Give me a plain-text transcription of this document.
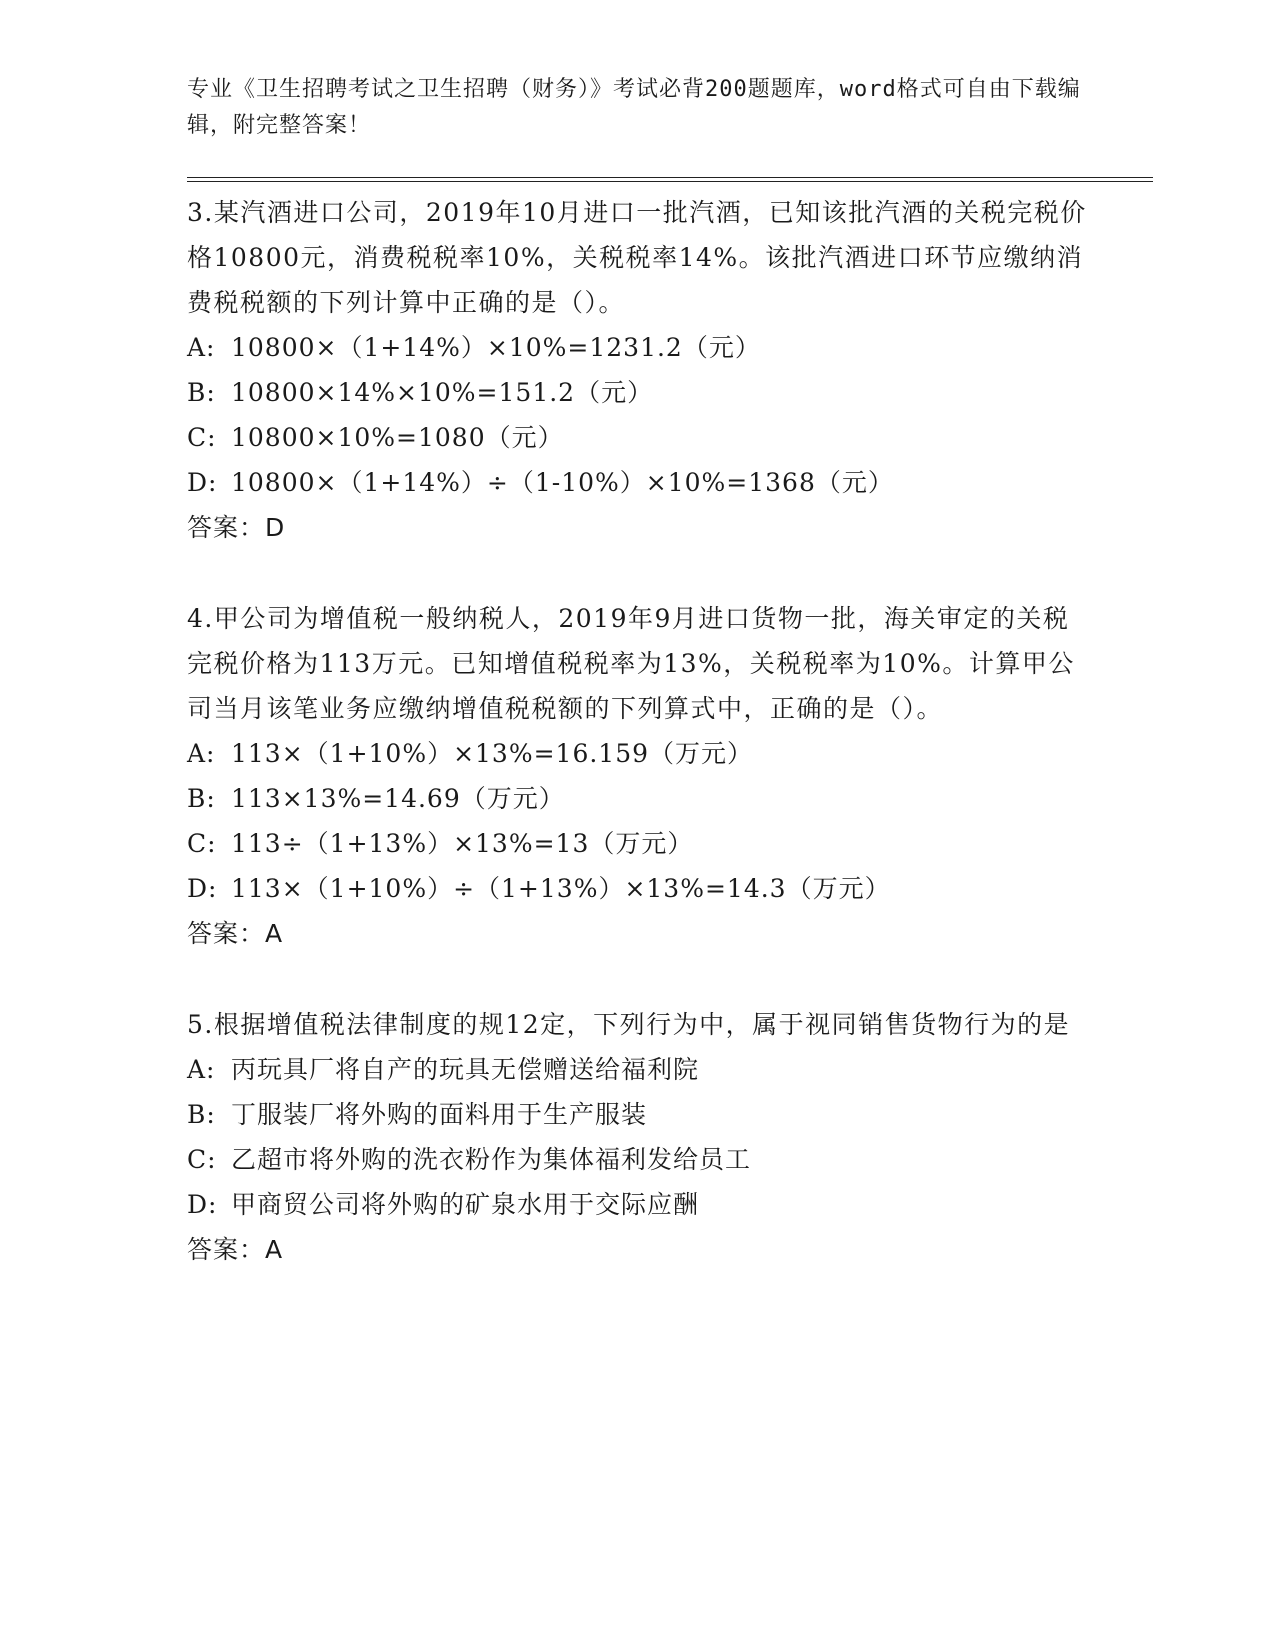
专业《卫生招聘考试之卫生招聘（财务）》考试必背200题题库，word格式可自由下载编辑，附完整答案！

3.某汽酒进口公司，2019年10月进口一批汽酒，已知该批汽酒的关税完税价格10800元，消费税税率10%，关税税率14%。该批汽酒进口环节应缴纳消费税税额的下列计算中正确的是（）。

A: 10800×（1+14%）×10%=1231.2（元）

B: 10800×14%×10%=151.2（元）

C: 10800×10%=1080（元）

D: 10800×（1+14%）÷（1-10%）×10%=1368（元）

答案：D

4.甲公司为增值税一般纳税人，2019年9月进口货物一批，海关审定的关税完税价格为113万元。已知增值税税率为13%，关税税率为10%。计算甲公司当月该笔业务应缴纳增值税税额的下列算式中，正确的是（）。

A: 113×（1+10%）×13%=16.159（万元）

B: 113×13%=14.69（万元）

C: 113÷（1+13%）×13%=13（万元）

D: 113×（1+10%）÷（1+13%）×13%=14.3（万元）

答案：A

5.根据增值税法律制度的规12定，下列行为中，属于视同销售货物行为的是

A: 丙玩具厂将自产的玩具无偿赠送给福利院

B: 丁服装厂将外购的面料用于生产服装

C: 乙超市将外购的洗衣粉作为集体福利发给员工

D: 甲商贸公司将外购的矿泉水用于交际应酬

答案：A
